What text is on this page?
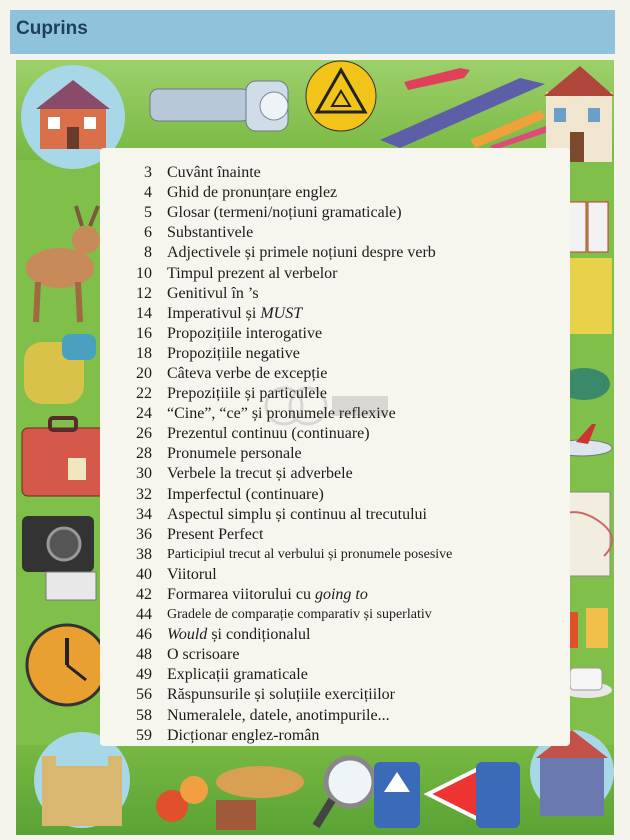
Cuprins
3 Cuvânt înainte
4 Ghid de pronunțare englez
5 Glosar (termeni/noțiuni gramaticale)
6 Substantivele
8 Adjectivele și primele noțiuni despre verb
10 Timpul prezent al verbelor
12 Genitivul în ’s
14 Imperativul și MUST
16 Propozițiile interogative
18 Propozițiile negative
20 Câteva verbe de excepție
22 Prepozițiile și particulele
24 “Cine”, “ce” și pronumele reflexive
26 Prezentul continuu (continuare)
28 Pronumele personale
30 Verbele la trecut și adverbele
32 Imperfectul (continuare)
34 Aspectul simplu și continuu al trecutului
36 Present Perfect
38	Participiul trecut al verbului și pronumele posesive
40 Viitorul
42 Formarea viitorului cu going to
44	Gradele de comparație comparativ și superlativ
46 Would și condiționalul
48 O scrisoare
49 Explicații gramaticale
56 Răspunsurile și soluțiile exercițiilor
58 Numeralele, datele, anotimpurile...
59 Dicționar englez-român
